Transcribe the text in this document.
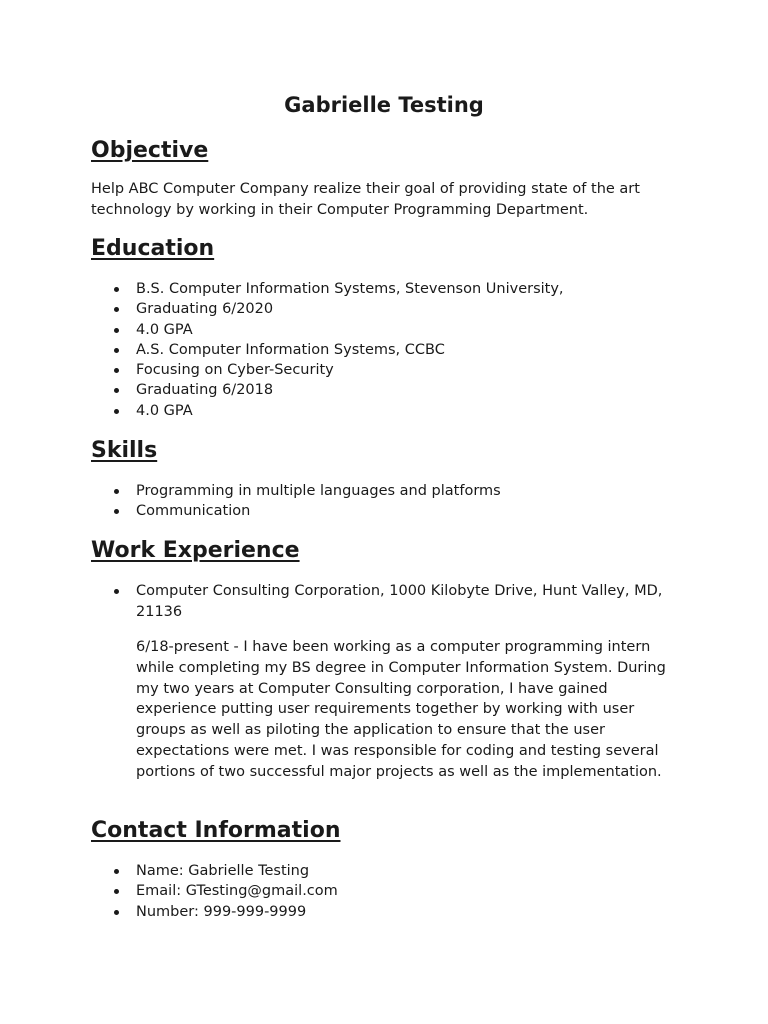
Gabrielle Testing
Objective

Help ABC Computer Company realize their goal of providing state of the art technology by working in their Computer Programming Department.

Education
B.S. Computer Information Systems, Stevenson University,
Graduating 6/2020
4.0 GPA
A.S. Computer Information Systems, CCBC
Focusing on Cyber-Security
Graduating 6/2018
4.0 GPA
Skills
Programming in multiple languages and platforms
Communication
Work Experience
Computer Consulting Corporation, 1000 Kilobyte Drive, Hunt Valley, MD, 21136

6/18-present - I have been working as a computer programming intern while completing my BS degree in Computer Information System. During my two years at Computer Consulting corporation, I have gained experience putting user requirements together by working with user groups as well as piloting the application to ensure that the user expectations were met. I was responsible for coding and testing several portions of two successful major projects as well as the implementation.

Contact Information
Name: Gabrielle Testing
Email: GTesting@gmail.com
Number: 999-999-9999
